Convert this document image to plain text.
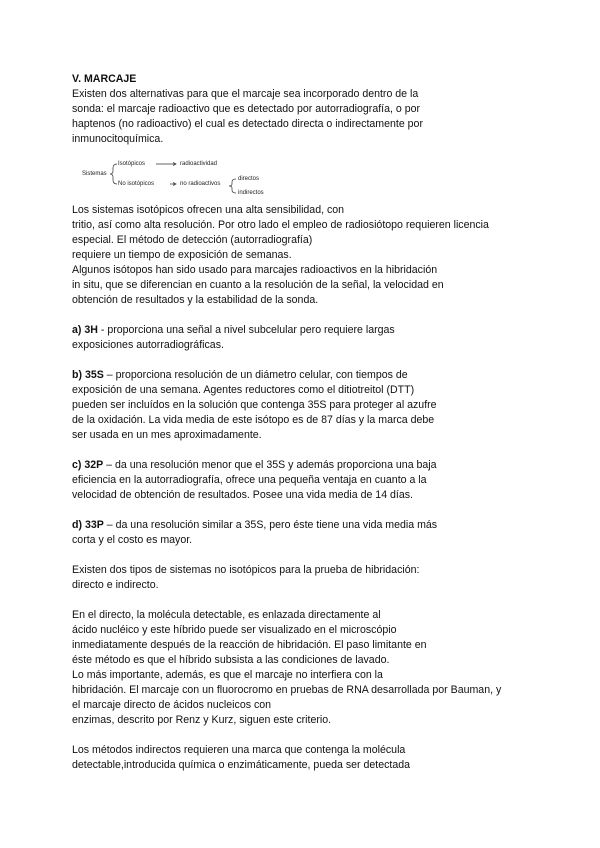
V. MARCAJE
Existen dos alternativas para que el marcaje sea incorporado dentro de la
sonda: el marcaje radioactivo que es detectado por autorradiografía, o por
haptenos (no radioactivo) el cual es detectado directa o indirectamente por
inmunocitoquímica.
Sistemas
Isotópicos
No isotópicos
radioactividad
no radioactivos
directos
indirectos
Los sistemas isotópicos ofrecen una alta sensibilidad, con
tritio, así como alta resolución. Por otro lado el empleo de radiosiótopo requieren licencia
especial. El método de detección (autorradiografía)
requiere un tiempo de exposición de semanas.
Algunos isótopos han sido usado para marcajes radioactivos en la hibridación
in situ, que se diferencian en cuanto a la resolución de la señal, la velocidad en
obtención de resultados y la estabilidad de la sonda.
a) 3H - proporciona una señal a nivel subcelular pero requiere largas
exposiciones autorradiográficas.
b) 35S – proporciona resolución de un diámetro celular, con tiempos de
exposición de una semana. Agentes reductores como el ditiotreitol (DTT)
pueden ser incluídos en la solución que contenga 35S para proteger al azufre
de la oxidación. La vida media de este isótopo es de 87 días y la marca debe
ser usada en un mes aproximadamente.
c) 32P – da una resolución menor que el 35S y además proporciona una baja
eficiencia en la autorradiografía, ofrece una pequeña ventaja en cuanto a la
velocidad de obtención de resultados. Posee una vida media de 14 días.
d) 33P – da una resolución similar a 35S, pero éste tiene una vida media más
corta y el costo es mayor.
Existen dos tipos de sistemas no isotópicos para la prueba de hibridación:
directo e indirecto.
En el directo, la molécula detectable, es enlazada directamente al
ácido nucléico y este híbrido puede ser visualizado en el microscópio
inmediatamente después de la reacción de hibridación. El paso limitante en
éste método es que el híbrido subsista a las condiciones de lavado.
Lo más importante, además, es que el marcaje no interfiera con la
hibridación. El marcaje con un fluorocromo en pruebas de RNA desarrollada por Bauman, y
el marcaje directo de ácidos nucleicos con
enzimas, descrito por Renz y Kurz, siguen este criterio.
Los métodos indirectos requieren una marca que contenga la molécula
detectable,introducida química o enzimáticamente, pueda ser detectada
